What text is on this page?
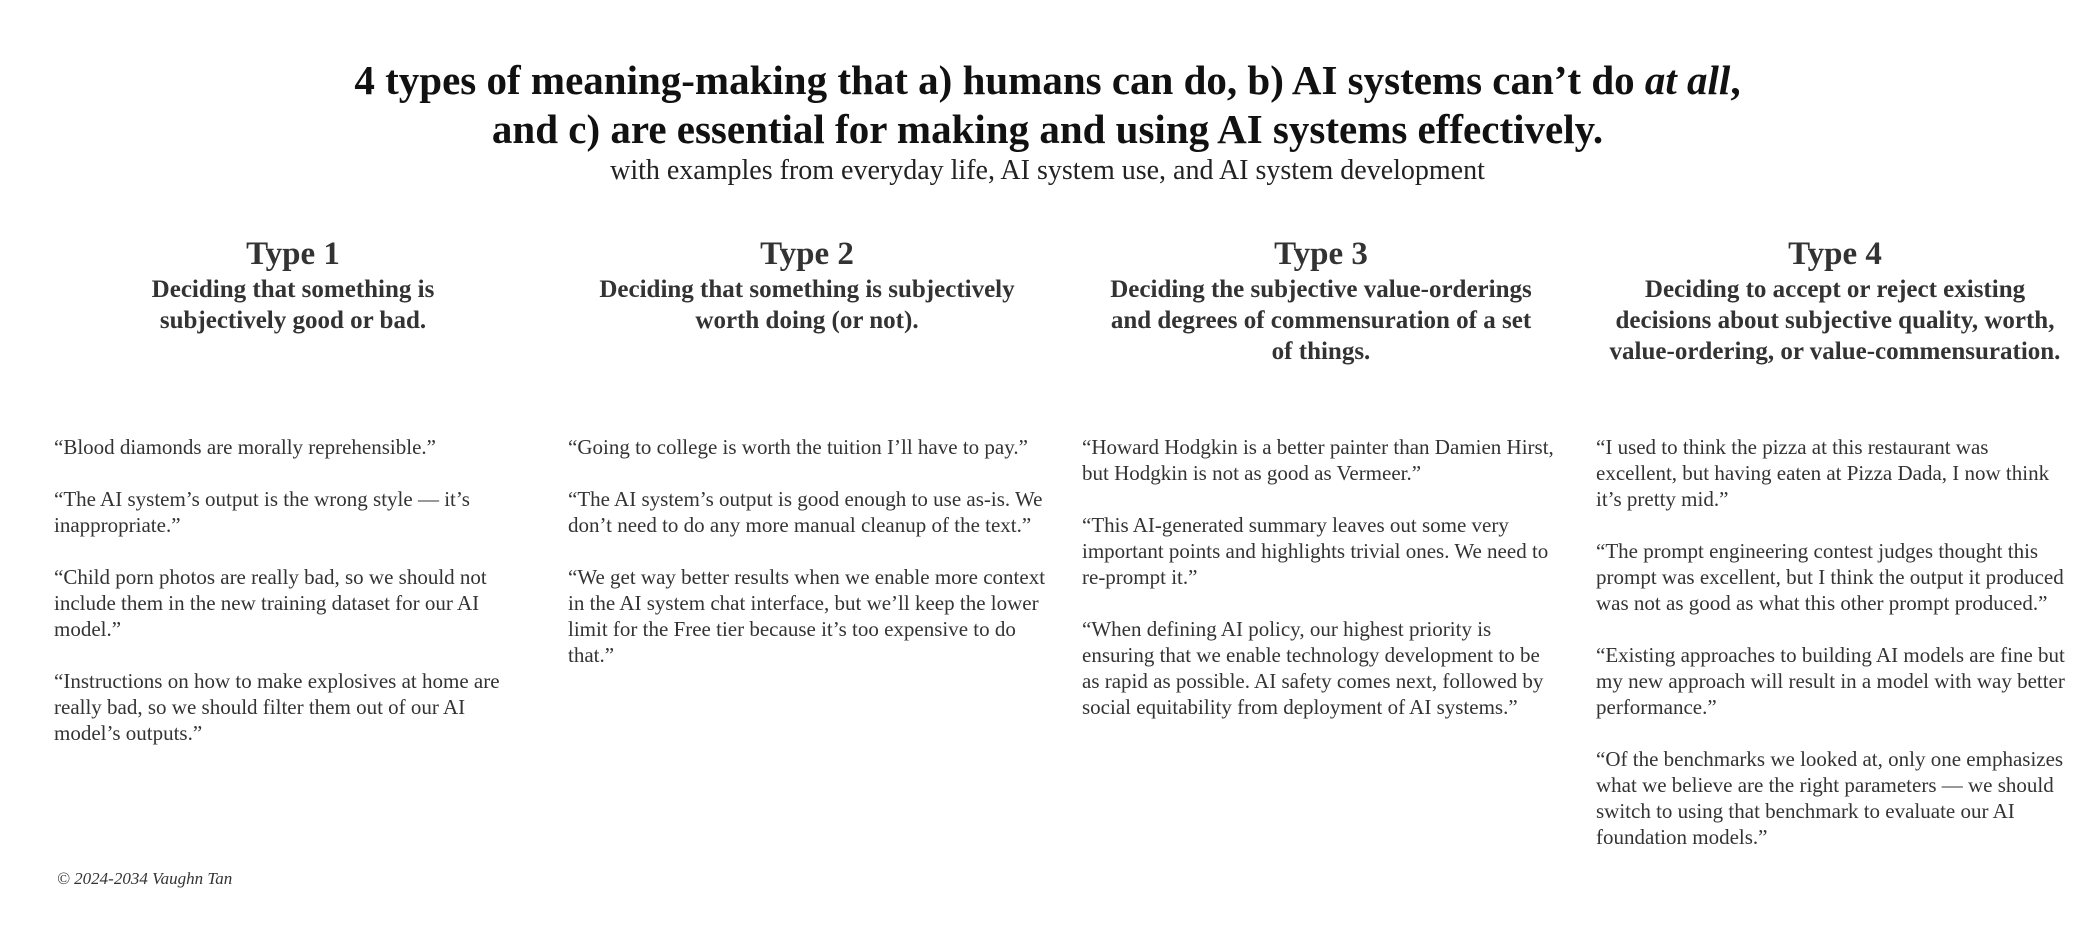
4 types of meaning-making that a) humans can do, b) AI systems can’t do at all,
and c) are essential for making and using AI systems effectively.

with examples from everyday life, AI system use, and AI system development

Type 1

Deciding that something is subjectively good or bad.

“Blood diamonds are morally reprehensible.”
“The AI system’s output is the wrong style — it’s inappropriate.”
“Child porn photos are really bad, so we should not include them in the new training dataset for our AI model.”
“Instructions on how to make explosives at home are really bad, so we should filter them out of our AI model’s outputs.”
Type 2

Deciding that something is subjectively worth doing (or not).

“Going to college is worth the tuition I’ll have to pay.”
“The AI system’s output is good enough to use as-is. We don’t need to do any more manual cleanup of the text.”
“We get way better results when we enable more context in the AI system chat interface, but we’ll keep the lower limit for the Free tier because it’s too expensive to do that.”
Type 3

Deciding the subjective value-orderings and degrees of commensuration of a set of things.

“Howard Hodgkin is a better painter than Damien Hirst, but Hodgkin is not as good as Vermeer.”
“This AI-generated summary leaves out some very important points and highlights trivial ones. We need to re-prompt it.”
“When defining AI policy, our highest priority is ensuring that we enable technology development to be as rapid as possible. AI safety comes next, followed by social equitability from deployment of AI systems.”
Type 4

Deciding to accept or reject existing decisions about subjective quality, worth, value-ordering, or value-commensuration.

“I used to think the pizza at this restaurant was excellent, but having eaten at Pizza Dada, I now think it’s pretty mid.”
“The prompt engineering contest judges thought this prompt was excellent, but I think the output it produced was not as good as what this other prompt produced.”
“Existing approaches to building AI models are fine but my new approach will result in a model with way better performance.”
“Of the benchmarks we looked at, only one emphasizes what we believe are the right parameters — we should switch to using that benchmark to evaluate our AI foundation models.”

© 2024-2034 Vaughn Tan
